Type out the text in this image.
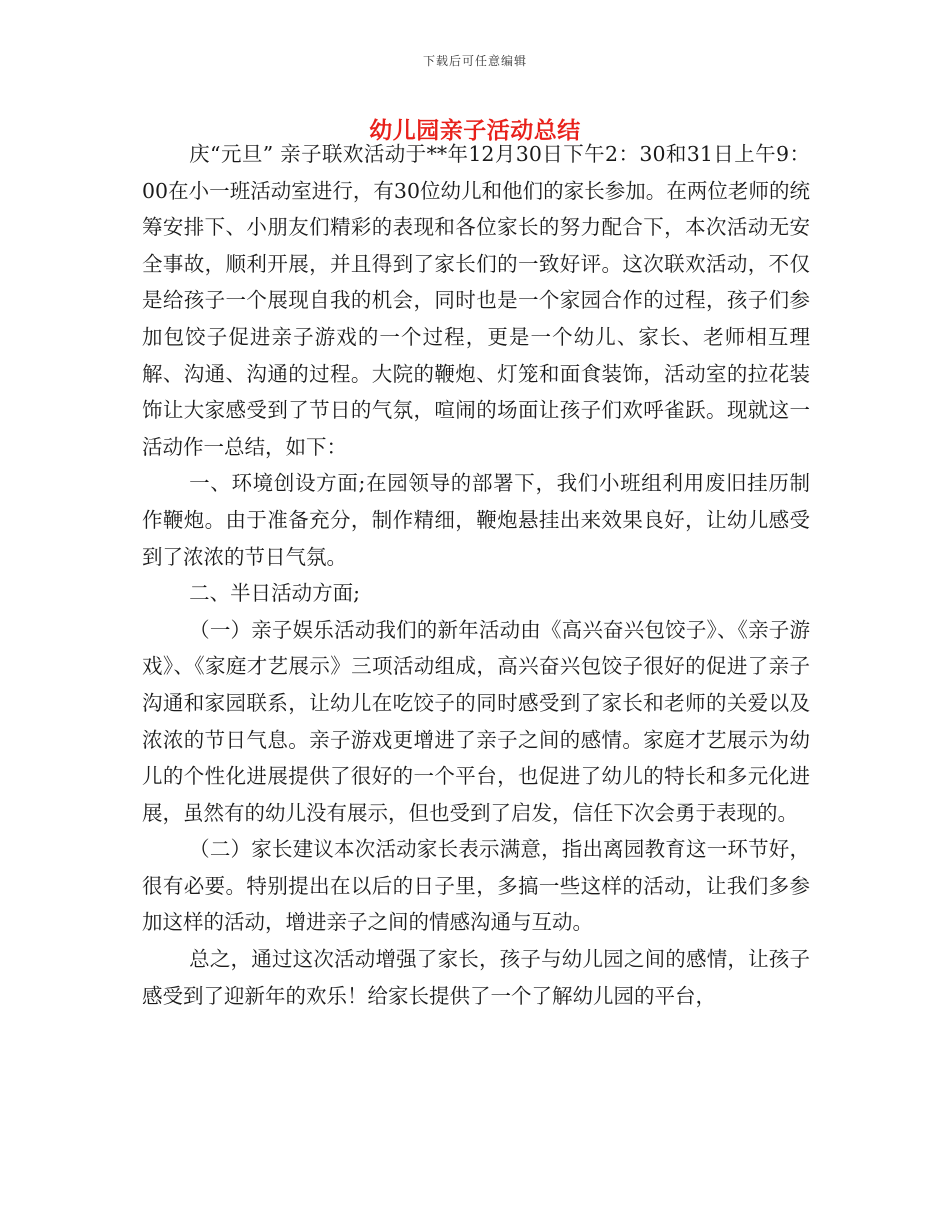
下载后可任意编辑
幼儿园亲子活动总结

庆“元旦” 亲子联欢活动于**年12月30日下午2：30和31日上午9：00在小一班活动室进行，有30位幼儿和他们的家长参加。在两位老师的统筹安排下、小朋友们精彩的表现和各位家长的努力配合下，本次活动无安全事故，顺利开展，并且得到了家长们的一致好评。这次联欢活动，不仅是给孩子一个展现自我的机会，同时也是一个家园合作的过程，孩子们参加包饺子促进亲子游戏的一个过程，更是一个幼儿、家长、老师相互理解、沟通、沟通的过程。大院的鞭炮、灯笼和面食装饰，活动室的拉花装饰让大家感受到了节日的气氛，喧闹的场面让孩子们欢呼雀跃。现就这一活动作一总结，如下：

一、环境创设方面;在园领导的部署下，我们小班组利用废旧挂历制作鞭炮。由于准备充分，制作精细，鞭炮悬挂出来效果良好，让幼儿感受到了浓浓的节日气氛。

二、半日活动方面;

（一）亲子娱乐活动我们的新年活动由《高兴奋兴包饺子》、《亲子游戏》、《家庭才艺展示》三项活动组成，高兴奋兴包饺子很好的促进了亲子沟通和家园联系，让幼儿在吃饺子的同时感受到了家长和老师的关爱以及浓浓的节日气息。亲子游戏更增进了亲子之间的感情。家庭才艺展示为幼儿的个性化进展提供了很好的一个平台，也促进了幼儿的特长和多元化进展，虽然有的幼儿没有展示，但也受到了启发，信任下次会勇于表现的。

（二）家长建议本次活动家长表示满意，指出离园教育这一环节好，很有必要。特别提出在以后的日子里，多搞一些这样的活动，让我们多参加这样的活动，增进亲子之间的情感沟通与互动。

总之，通过这次活动增强了家长，孩子与幼儿园之间的感情，让孩子感受到了迎新年的欢乐！给家长提供了一个了解幼儿园的平台，
